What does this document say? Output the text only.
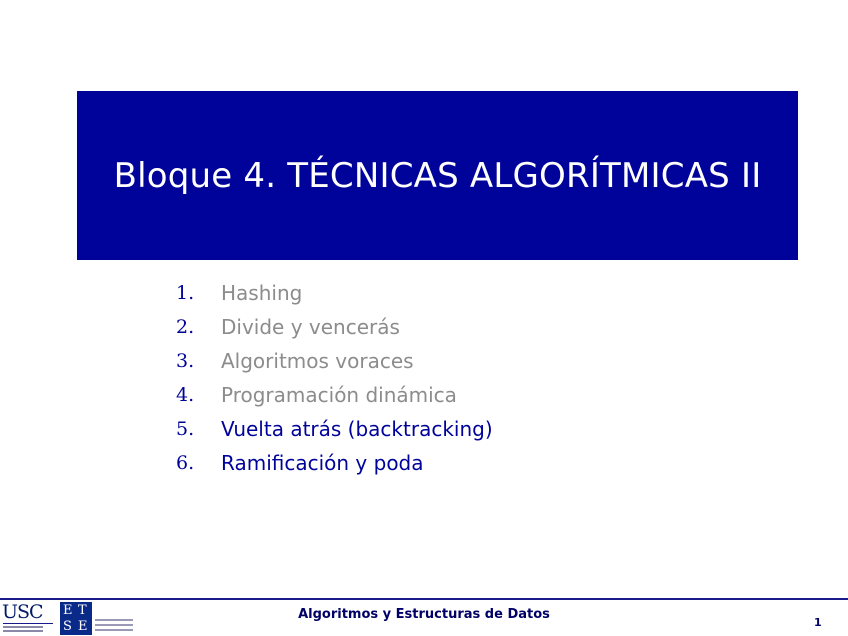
Bloque 4. TÉCNICAS ALGORÍTMICAS II
1.	Hashing
2.	Divide y vencerás
3.	Algoritmos voraces
4.	Programación dinámica
5.	Vuelta atrás (backtracking)
6.	Ramificación y poda
USC	E T
S E
Algoritmos y Estructuras de Datos
1
